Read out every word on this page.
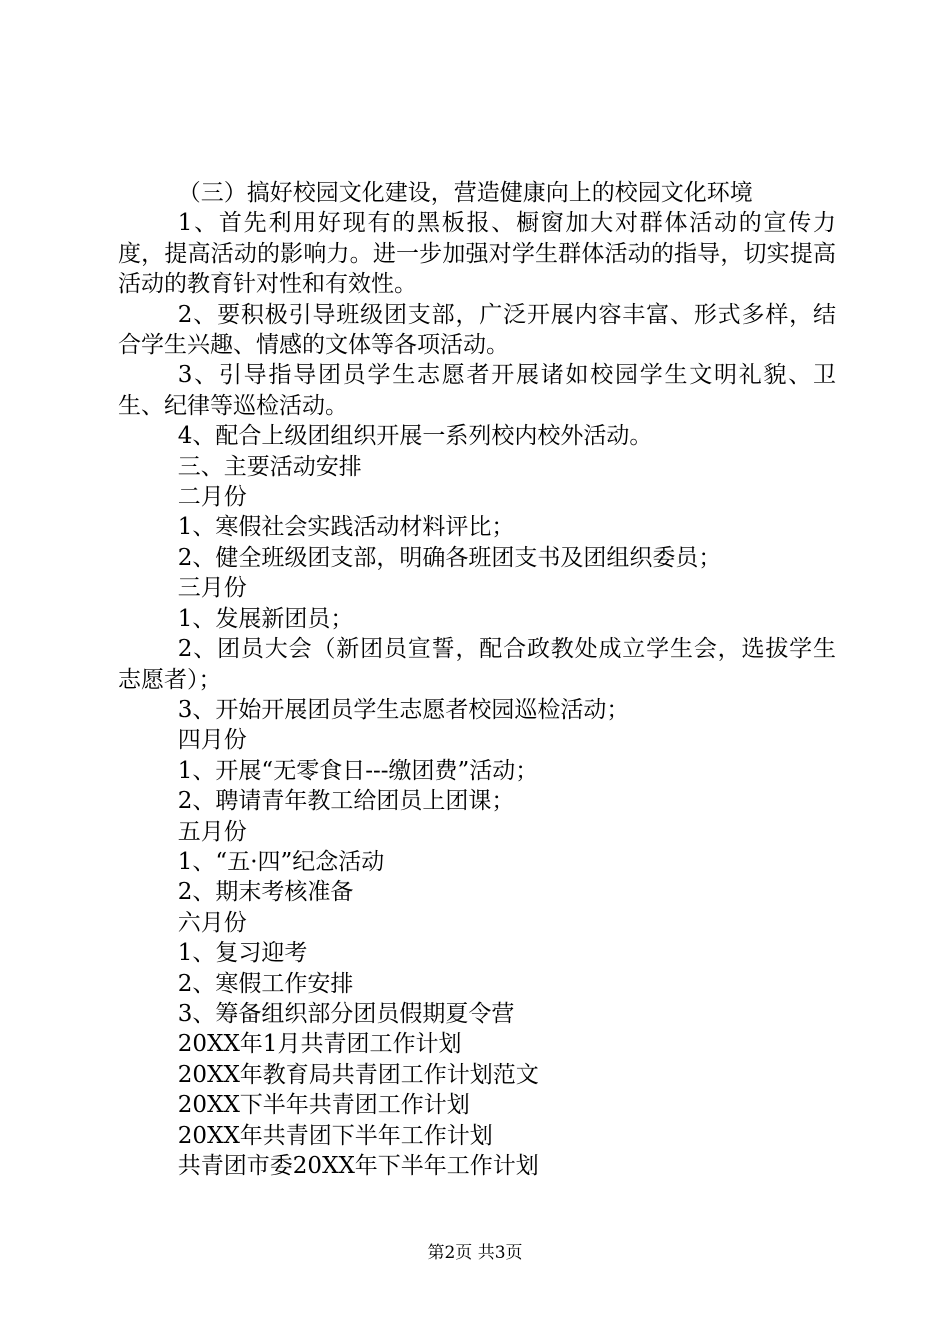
（三）搞好校园文化建设，营造健康向上的校园文化环境

1、首先利用好现有的黑板报、橱窗加大对群体活动的宣传力度，提高活动的影响力。进一步加强对学生群体活动的指导，切实提高活动的教育针对性和有效性。

2、要积极引导班级团支部，广泛开展内容丰富、形式多样，结合学生兴趣、情感的文体等各项活动。

3、引导指导团员学生志愿者开展诸如校园学生文明礼貌、卫生、纪律等巡检活动。

4、配合上级团组织开展一系列校内校外活动。

三、主要活动安排

二月份

1、寒假社会实践活动材料评比；

2、健全班级团支部，明确各班团支书及团组织委员；

三月份

1、发展新团员；

2、团员大会（新团员宣誓，配合政教处成立学生会，选拔学生志愿者）；

3、开始开展团员学生志愿者校园巡检活动；

四月份

1、开展“无零食日---缴团费”活动；

2、聘请青年教工给团员上团课；

五月份

1、“五·四”纪念活动

2、期末考核准备

六月份

1、复习迎考

2、寒假工作安排

3、筹备组织部分团员假期夏令营

20XX年1月共青团工作计划

20XX年教育局共青团工作计划范文

20XX下半年共青团工作计划

20XX年共青团下半年工作计划

共青团市委20XX年下半年工作计划

第2页 共3页
